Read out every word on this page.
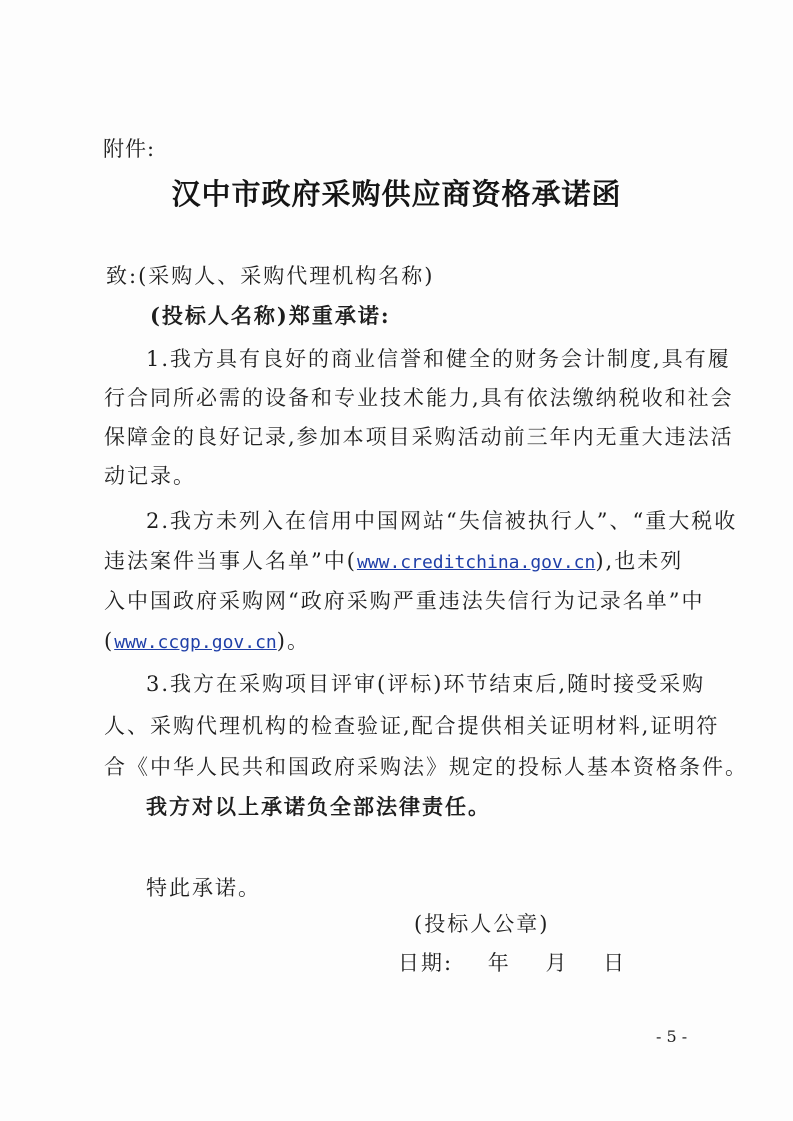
附件:
汉中市政府采购供应商资格承诺函
致:(采购人、采购代理机构名称)
(投标人名称)郑重承诺:
1.我方具有良好的商业信誉和健全的财务会计制度,具有履
行合同所必需的设备和专业技术能力,具有依法缴纳税收和社会
保障金的良好记录,参加本项目采购活动前三年内无重大违法活
动记录。
2.我方未列入在信用中国网站“失信被执行人”、“重大税收
违法案件当事人名单”中(www.creditchina.gov.cn),也未列
入中国政府采购网“政府采购严重违法失信行为记录名单”中
(www.ccgp.gov.cn)。
3.我方在采购项目评审(评标)环节结束后,随时接受采购
人、采购代理机构的检查验证,配合提供相关证明材料,证明符
合《中华人民共和国政府采购法》规定的投标人基本资格条件。
我方对以上承诺负全部法律责任。
特此承诺。
(投标人公章)
日期:    年    月    日
- 5 -
